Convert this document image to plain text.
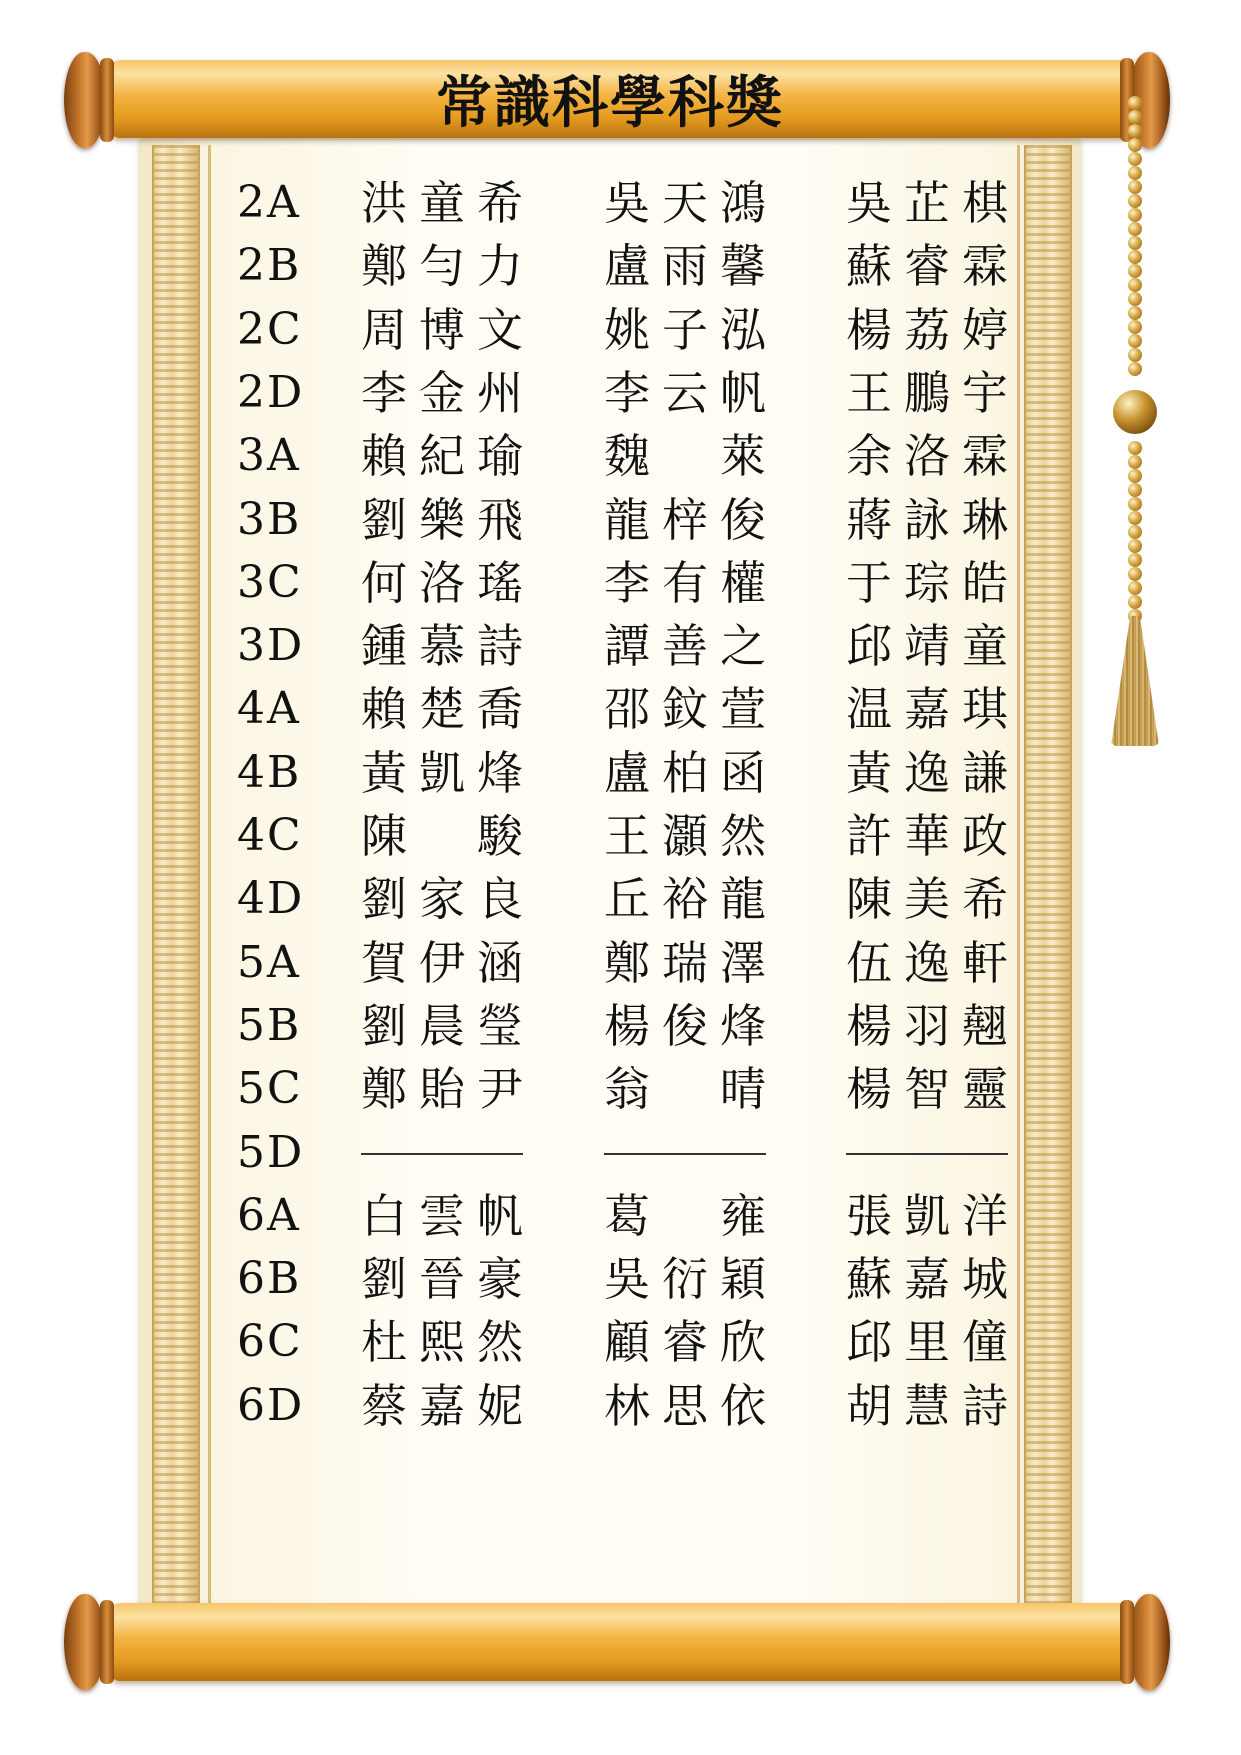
常識科學科獎
2A	洪童希 吳天鴻 吳芷棋
2B	鄭勻力 盧雨馨 蘇睿霖
2C	周博文 姚子泓 楊荔婷
2D 李金州 李云帆 王鵬宇
3A	賴紀瑜 魏　萊 余洛霖
3B	劉樂飛 龍梓俊 蔣詠琳
3C	何洛瑤 李有權 于琮皓
3D 鍾慕詩 譚善之 邱靖童
4A	賴楚喬 邵鈫萱 温嘉琪
4B	黃凱烽 盧柏函 黃逸謙
4C	陳　駿 王灝然 許華政
4D 劉家良 丘裕龍 陳美希
5A	賀伊涵 鄭瑞澤 伍逸軒
5B	劉晨瑩 楊俊烽 楊羽翹
5C	鄭貽尹 翁　晴 楊智靈
5D
6A	白雲帆 葛　雍 張凱洋
6B	劉晉豪 吳衍穎 蘇嘉城
6C	杜熙然 顧睿欣 邱里僮
6D 蔡嘉妮 林思依 胡慧詩
